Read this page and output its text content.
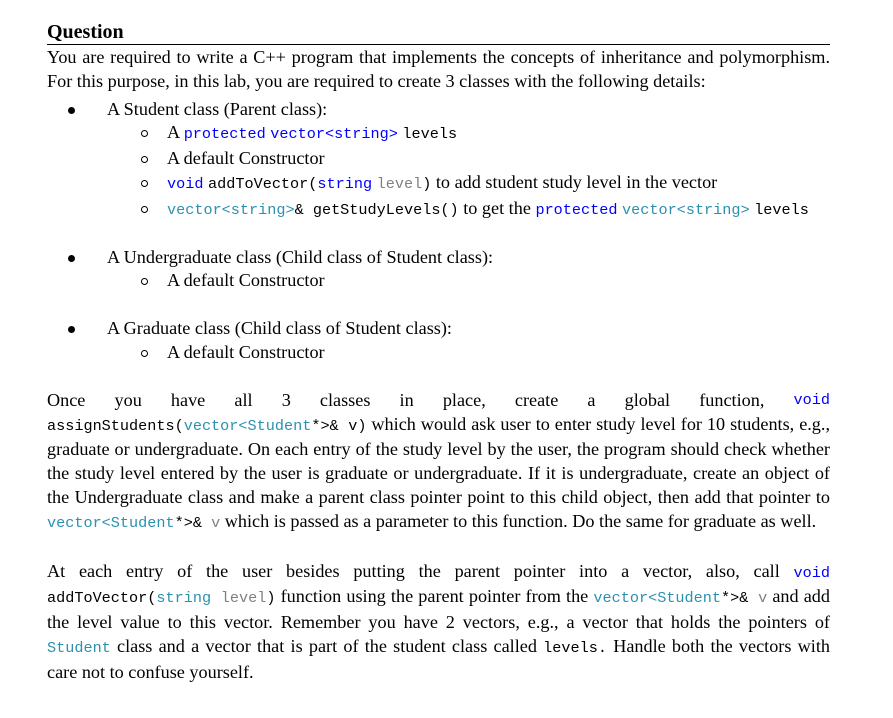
Question

You are required to write a C++ program that implements the concepts of inheritance and polymorphism. For this purpose, in this lab, you are required to create 3 classes with the following details:

A Student class (Parent class):
A protected vector<string> levels
A default Constructor
void addToVector(string level) to add student study level in the vector
vector<string>& getStudyLevels() to get the protected vector<string> levels
A Undergraduate class (Child class of Student class):
A default Constructor
A Graduate class (Child class of Student class):
A default Constructor
Once you have all 3 classes in place, create a global function, void

assignStudents(vector<Student*>& v) which would ask user to enter study level for 10 students, e.g., graduate or undergraduate. On each entry of the study level by the user, the program should check whether the study level entered by the user is graduate or undergraduate. If it is undergraduate, create an object of the Undergraduate class and make a parent class pointer point to this child object, then add that pointer to vector<Student*>& v which is passed as a parameter to this function. Do the same for graduate as well.

At each entry of the user besides putting the parent pointer into a vector, also, call void addToVector(string level) function using the parent pointer from the vector<Student*>& v and add the level value to this vector. Remember you have 2 vectors, e.g., a vector that holds the pointers of Student class and a vector that is part of the student class called levels. Handle both the vectors with care not to confuse yourself.
